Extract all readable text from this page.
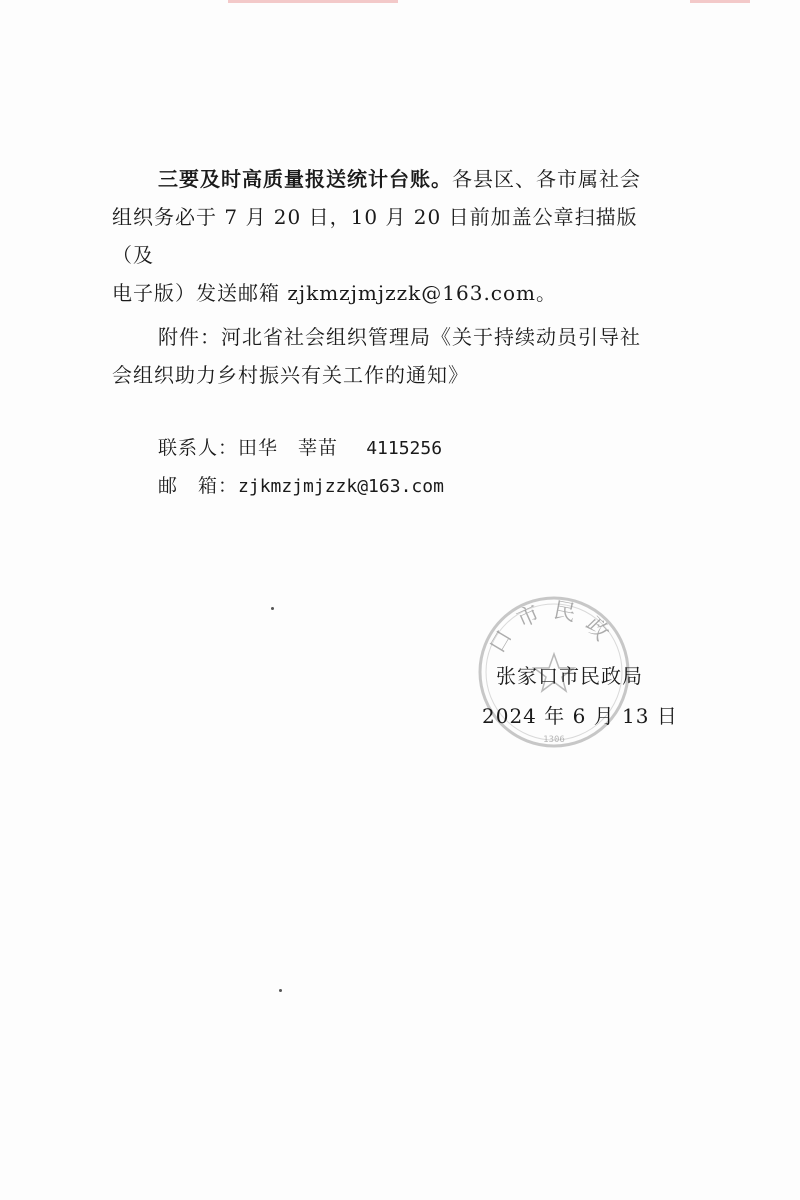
三要及时高质量报送统计台账。各县区、各市属社会
组织务必于 7 月 20 日，10 月 20 日前加盖公章扫描版（及
电子版）发送邮箱 zjkmzjmjzzk@163.com。

附件：河北省社会组织管理局《关于持续动员引导社
会组织助力乡村振兴有关工作的通知》

联系人：田华　莘苗 4115256

邮　箱：zjkmzjmjzzk@163.com

口 市 民 政
1306

张家口市民政局

2024 年 6 月 13 日
